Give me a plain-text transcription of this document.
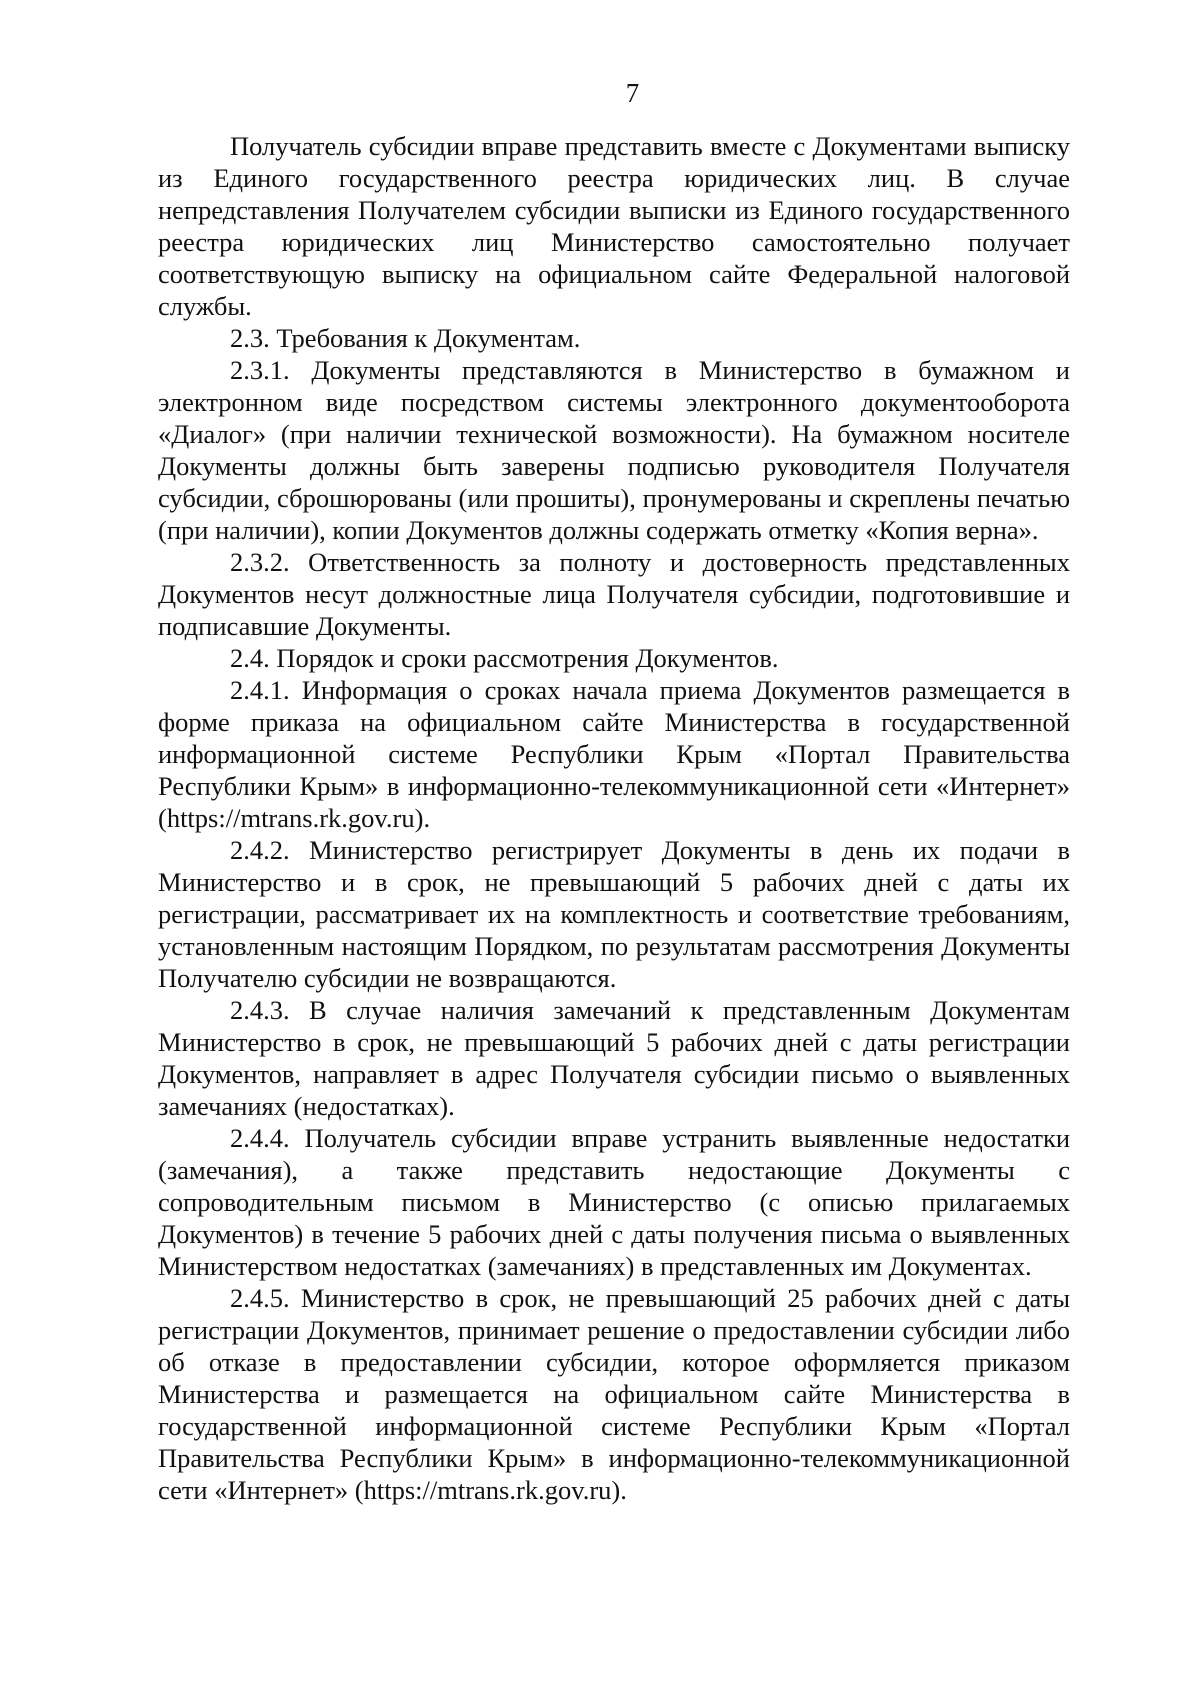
7

Получатель субсидии вправе представить вместе с Документами выписку из Единого государственного реестра юридических лиц. В случае непредставления Получателем субсидии выписки из Единого государственного реестра юридических лиц Министерство самостоятельно получает соответствующую выписку на официальном сайте Федеральной налоговой службы.

2.3. Требования к Документам.

2.3.1. Документы представляются в Министерство в бумажном и электронном виде посредством системы электронного документооборота «Диалог» (при наличии технической возможности). На бумажном носителе Документы должны быть заверены подписью руководителя Получателя субсидии, сброшюрованы (или прошиты), пронумерованы и скреплены печатью (при наличии), копии Документов должны содержать отметку «Копия верна».

2.3.2. Ответственность за полноту и достоверность представленных Документов несут должностные лица Получателя субсидии, подготовившие и подписавшие Документы.

2.4. Порядок и сроки рассмотрения Документов.

2.4.1. Информация о сроках начала приема Документов размещается в форме приказа на официальном сайте Министерства в государственной информационной системе Республики Крым «Портал Правительства Республики Крым» в информационно-телекоммуникационной сети «Интернет» (https://mtrans.rk.gov.ru).

2.4.2. Министерство регистрирует Документы в день их подачи в Министерство и в срок, не превышающий 5 рабочих дней с даты их регистрации, рассматривает их на комплектность и соответствие требованиям, установленным настоящим Порядком, по результатам рассмотрения Документы Получателю субсидии не возвращаются.

2.4.3. В случае наличия замечаний к представленным Документам Министерство в срок, не превышающий 5 рабочих дней с даты регистрации Документов, направляет в адрес Получателя субсидии письмо о выявленных замечаниях (недостатках).

2.4.4. Получатель субсидии вправе устранить выявленные недостатки (замечания), а также представить недостающие Документы с сопроводительным письмом в Министерство (с описью прилагаемых Документов) в течение 5 рабочих дней с даты получения письма о выявленных Министерством недостатках (замечаниях) в представленных им Документах.

2.4.5. Министерство в срок, не превышающий 25 рабочих дней с даты регистрации Документов, принимает решение о предоставлении субсидии либо об отказе в предоставлении субсидии, которое оформляется приказом Министерства и размещается на официальном сайте Министерства в государственной информационной системе Республики Крым «Портал Правительства Республики Крым» в информационно-телекоммуникационной сети «Интернет» (https://mtrans.rk.gov.ru).
